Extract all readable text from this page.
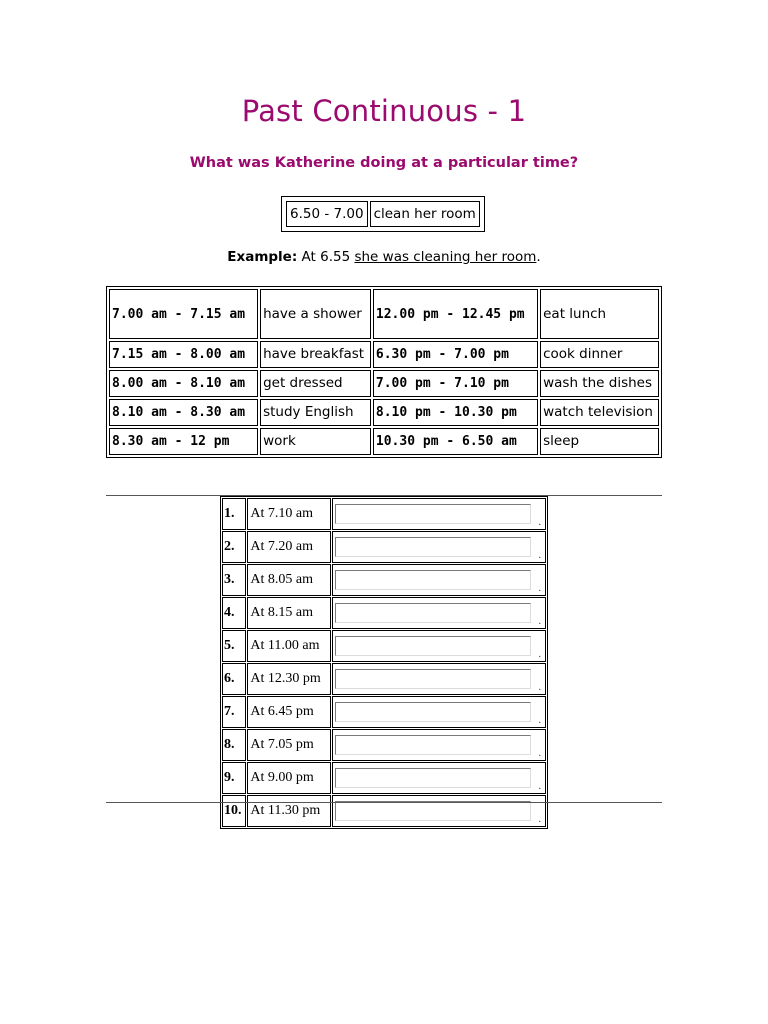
Past Continuous - 1
What was Katherine doing at a particular time?
6.50 - 7.00	clean her room
Example: At 6.55 she was cleaning her room.
7.00 am - 7.15 am	have a shower	12.00 pm - 12.45 pm	eat lunch
7.15 am - 8.00 am	have breakfast	6.30 pm - 7.00 pm	cook dinner
8.00 am - 8.10 am	get dressed	7.00 pm - 7.10 pm	wash the dishes
8.10 am - 8.30 am	study English	8.10 pm - 10.30 pm	watch television
8.30 am - 12 pm	work	10.30 pm - 6.50 am	sleep
1.	At 7.10 am	.

2.	At 7.20 am	.

3.	At 8.05 am	.

4.	At 8.15 am	.

5.	At 11.00 am	.

6.	At 12.30 pm	.

7.	At 6.45 pm	.

8.	At 7.05 pm	.

9.	At 9.00 pm	.

10.	At 11.30 pm	.
